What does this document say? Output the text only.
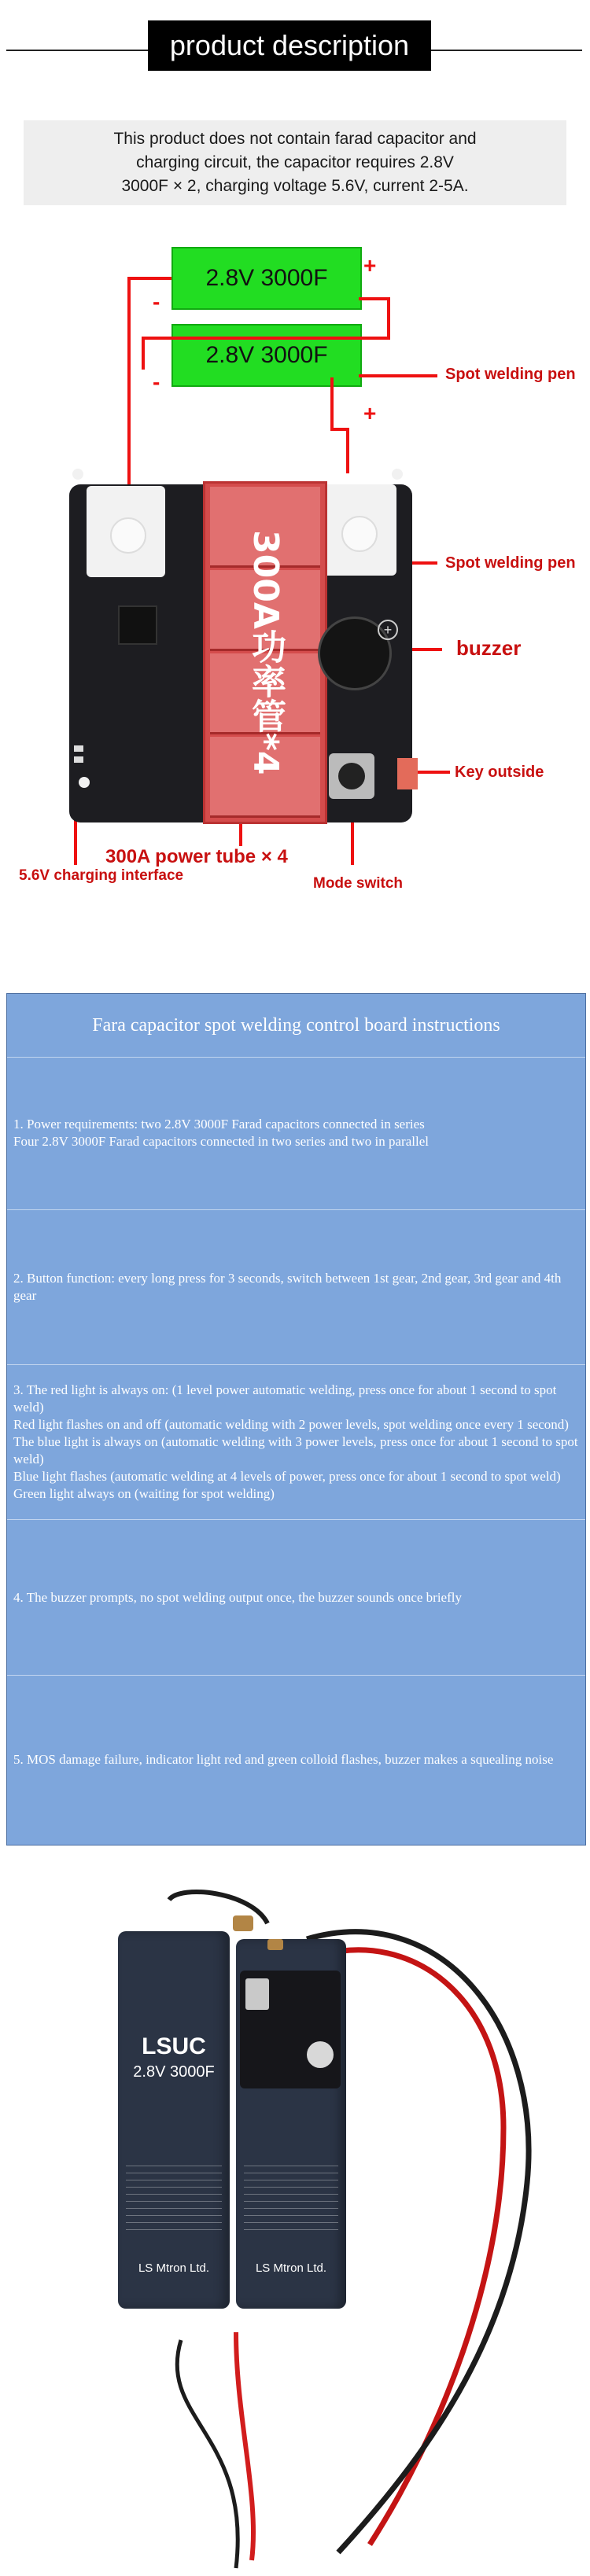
product description
This product does not contain farad capacitor and
charging circuit, the capacitor requires 2.8V
3000F × 2, charging voltage 5.6V, current 2-5A.
2.8V 3000F
2.8V 3000F
+
-
-
+
300A功率管*4	+
Spot welding pen
Spot welding pen
buzzer
Key outside
300A power tube × 4
5.6V charging interface	Mode switch
Fara capacitor spot welding control board instructions
1. Power requirements: two 2.8V 3000F Farad capacitors connected in series
Four 2.8V 3000F Farad capacitors connected in two series and two in parallel
2. Button function: every long press for 3 seconds, switch between 1st gear, 2nd gear, 3rd gear and 4th gear
3. The red light is always on: (1 level power automatic welding, press once for about 1 second to spot weld)
Red light flashes on and off (automatic welding with 2 power levels, spot welding once every 1 second)
The blue light is always on (automatic welding with 3 power levels, press once for about 1 second to spot weld)
Blue light flashes (automatic welding at 4 levels of power, press once for about 1 second to spot weld)
Green light always on (waiting for spot welding)
4. The buzzer prompts, no spot welding output once, the buzzer sounds once briefly
5. MOS damage failure, indicator light red and green colloid flashes, buzzer makes a squealing noise
LSUC
2.8V 3000F
LS Mtron Ltd.	LS Mtron Ltd.
